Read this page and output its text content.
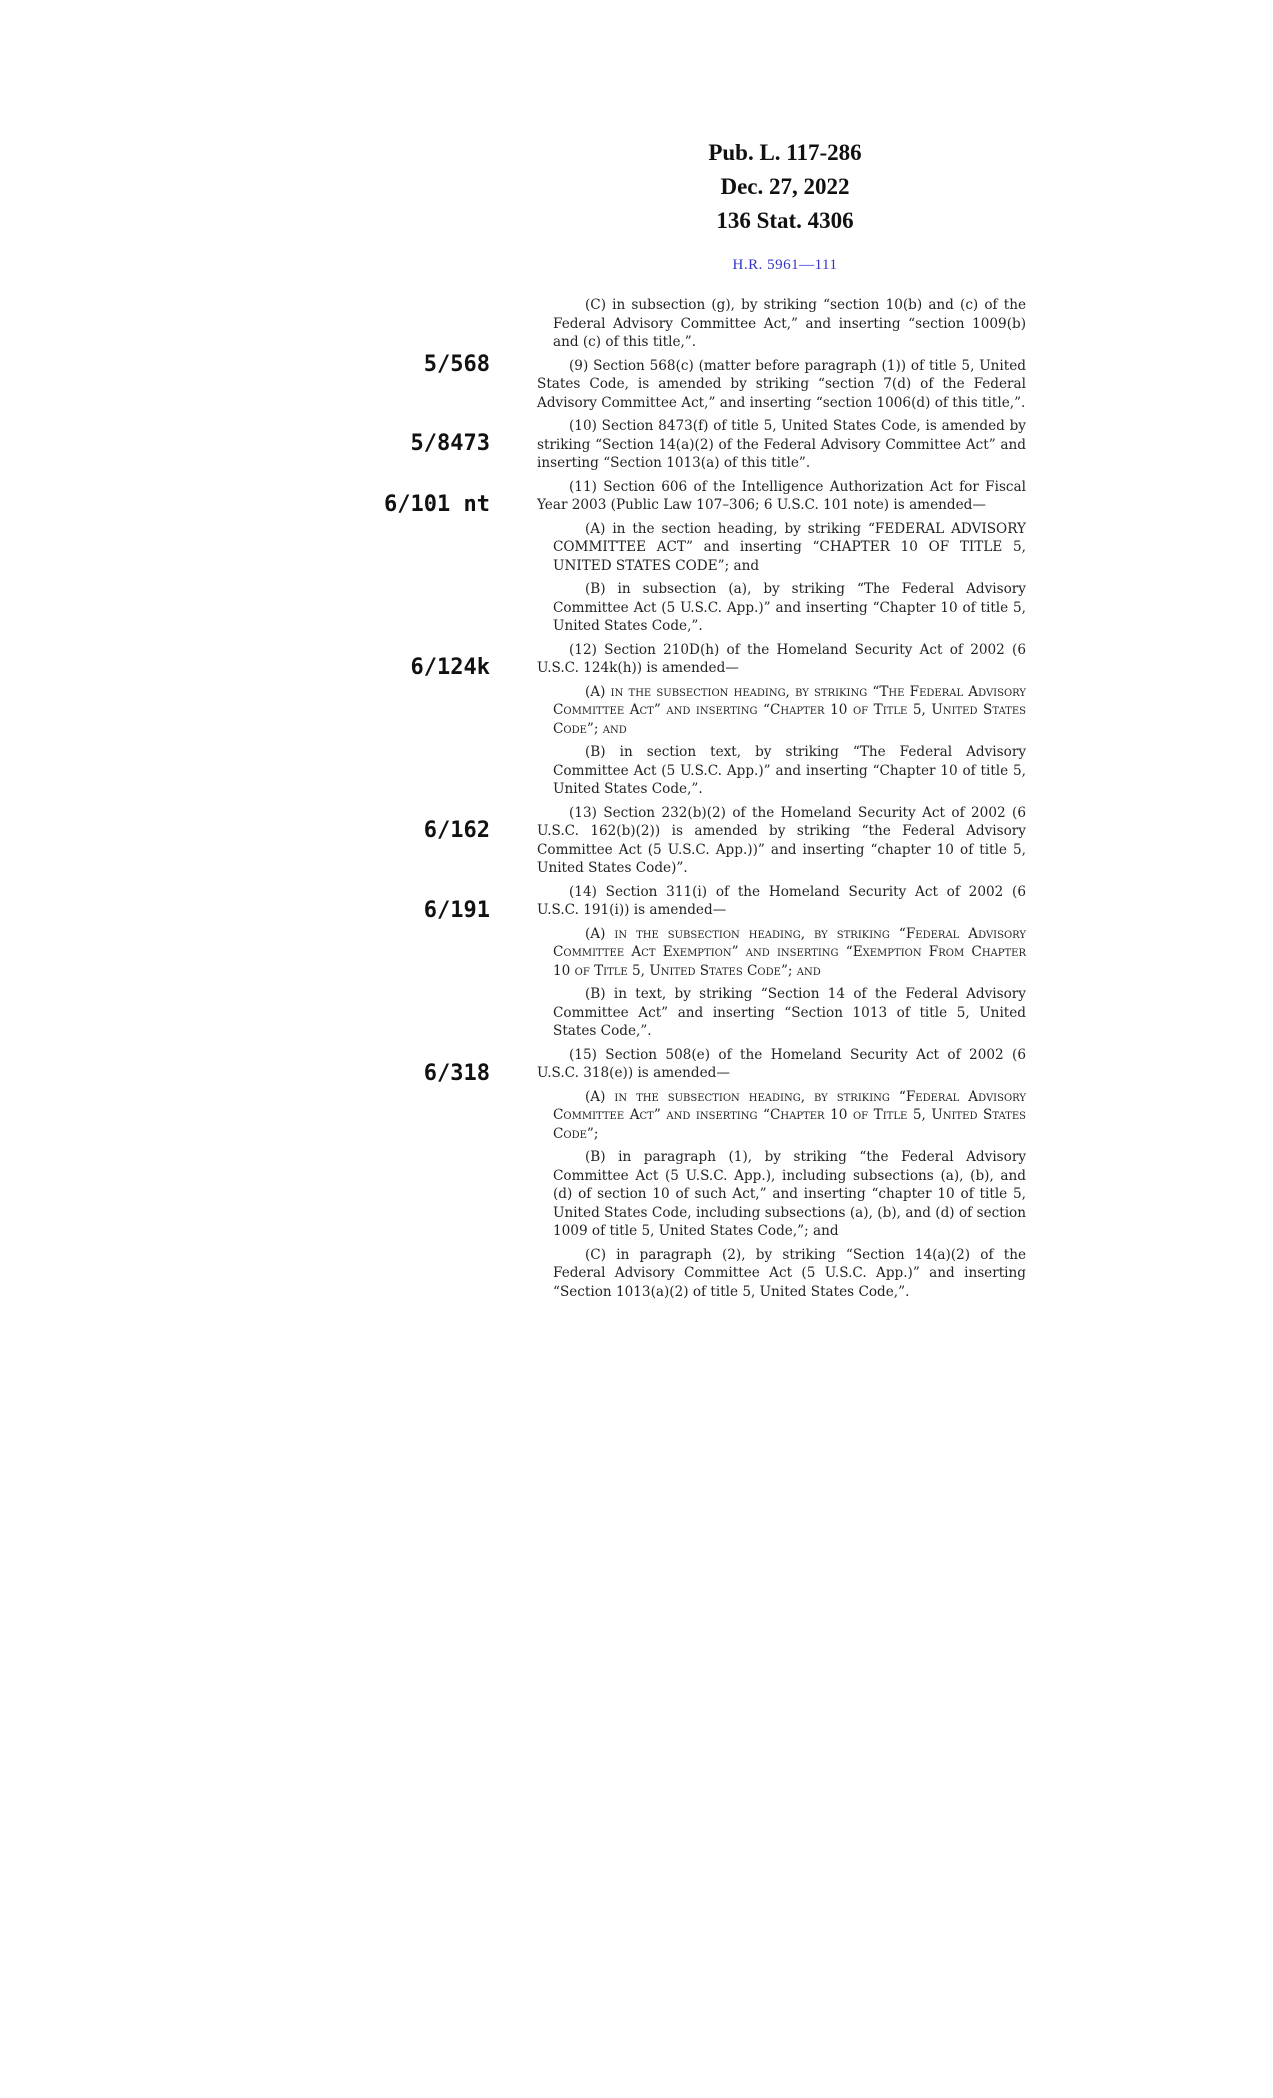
Pub. L. 117-286
Dec. 27, 2022
136 Stat. 4306
H.R. 5961—111
5/568
5/8473
6/101 nt
6/124k
6/162
6/191
6/318

(C) in subsection (g), by striking “section 10(b) and (c) of the Federal Advisory Committee Act,” and inserting “section 1009(b) and (c) of this title,”.

(9) Section 568(c) (matter before paragraph (1)) of title 5, United States Code, is amended by striking “section 7(d) of the Federal Advisory Committee Act,” and inserting “section 1006(d) of this title,”.

(10) Section 8473(f) of title 5, United States Code, is amended by striking “Section 14(a)(2) of the Federal Advisory Committee Act” and inserting “Section 1013(a) of this title”.

(11) Section 606 of the Intelligence Authorization Act for Fiscal Year 2003 (Public Law 107–306; 6 U.S.C. 101 note) is amended—

(A) in the section heading, by striking “FEDERAL ADVISORY COMMITTEE ACT” and inserting “CHAPTER 10 OF TITLE 5, UNITED STATES CODE”; and

(B) in subsection (a), by striking “The Federal Advisory Committee Act (5 U.S.C. App.)” and inserting “Chapter 10 of title 5, United States Code,”.

(12) Section 210D(h) of the Homeland Security Act of 2002 (6 U.S.C. 124k(h)) is amended—

(A) in the subsection heading, by striking “The Federal Advisory Committee Act” and inserting “Chapter 10 of Title 5, United States Code”; and

(B) in section text, by striking “The Federal Advisory Committee Act (5 U.S.C. App.)” and inserting “Chapter 10 of title 5, United States Code,”.

(13) Section 232(b)(2) of the Homeland Security Act of 2002 (6 U.S.C. 162(b)(2)) is amended by striking “the Federal Advisory Committee Act (5 U.S.C. App.))” and inserting “chapter 10 of title 5, United States Code)”.

(14) Section 311(i) of the Homeland Security Act of 2002 (6 U.S.C. 191(i)) is amended—

(A) in the subsection heading, by striking “Federal Advisory Committee Act Exemption” and inserting “Exemption From Chapter 10 of Title 5, United States Code”; and

(B) in text, by striking “Section 14 of the Federal Advisory Committee Act” and inserting “Section 1013 of title 5, United States Code,”.

(15) Section 508(e) of the Homeland Security Act of 2002 (6 U.S.C. 318(e)) is amended—

(A) in the subsection heading, by striking “Federal Advisory Committee Act” and inserting “Chapter 10 of Title 5, United States Code”;

(B) in paragraph (1), by striking “the Federal Advisory Committee Act (5 U.S.C. App.), including subsections (a), (b), and (d) of section 10 of such Act,” and inserting “chapter 10 of title 5, United States Code, including subsections (a), (b), and (d) of section 1009 of title 5, United States Code,”; and

(C) in paragraph (2), by striking “Section 14(a)(2) of the Federal Advisory Committee Act (5 U.S.C. App.)” and inserting “Section 1013(a)(2) of title 5, United States Code,”.
